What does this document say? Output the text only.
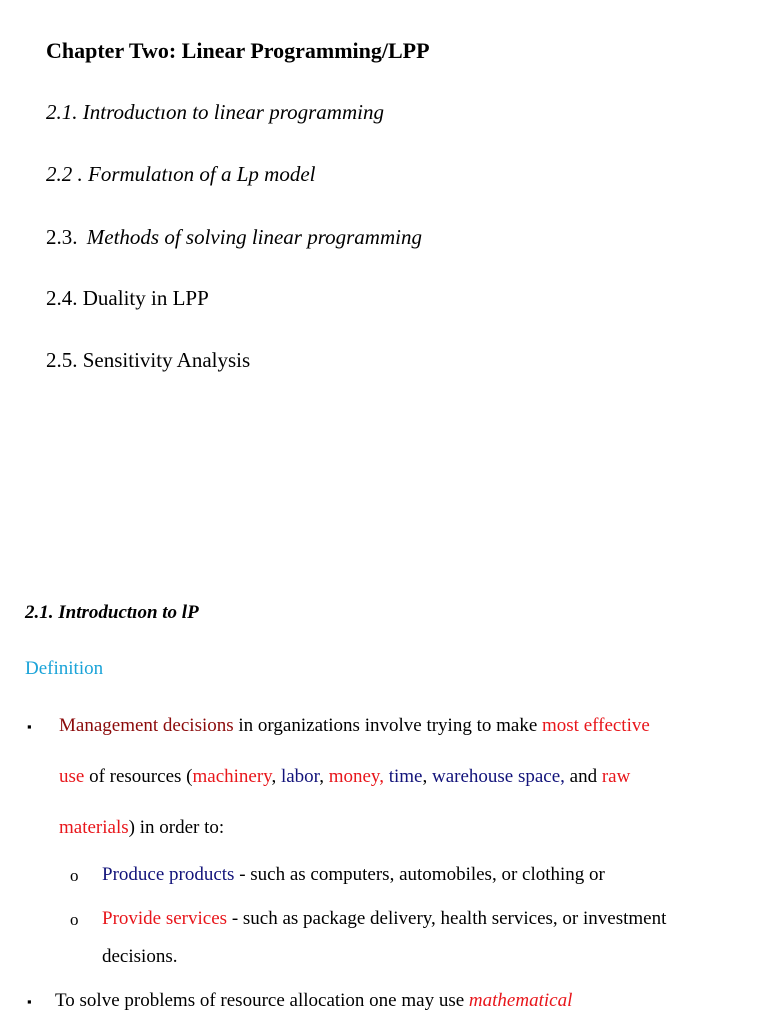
Chapter Two: Linear Programming/LPP
2.1. Introductıon to linear programming
2.2 . Formulatıon of a Lp model
2.3. Methods of solving linear programming
2.4. Duality in LPP
2.5. Sensitivity Analysis
2.1. Introductıon to lP
Definition
▪ Management decisions in organizations involve trying to make most effective
use of resources (machinery, labor, money, time, warehouse space, and raw
materials) in order to:
o Produce products - such as computers, automobiles, or clothing or
o Provide services - such as package delivery, health services, or investment
decisions.
▪ To solve problems of resource allocation one may use mathematical
